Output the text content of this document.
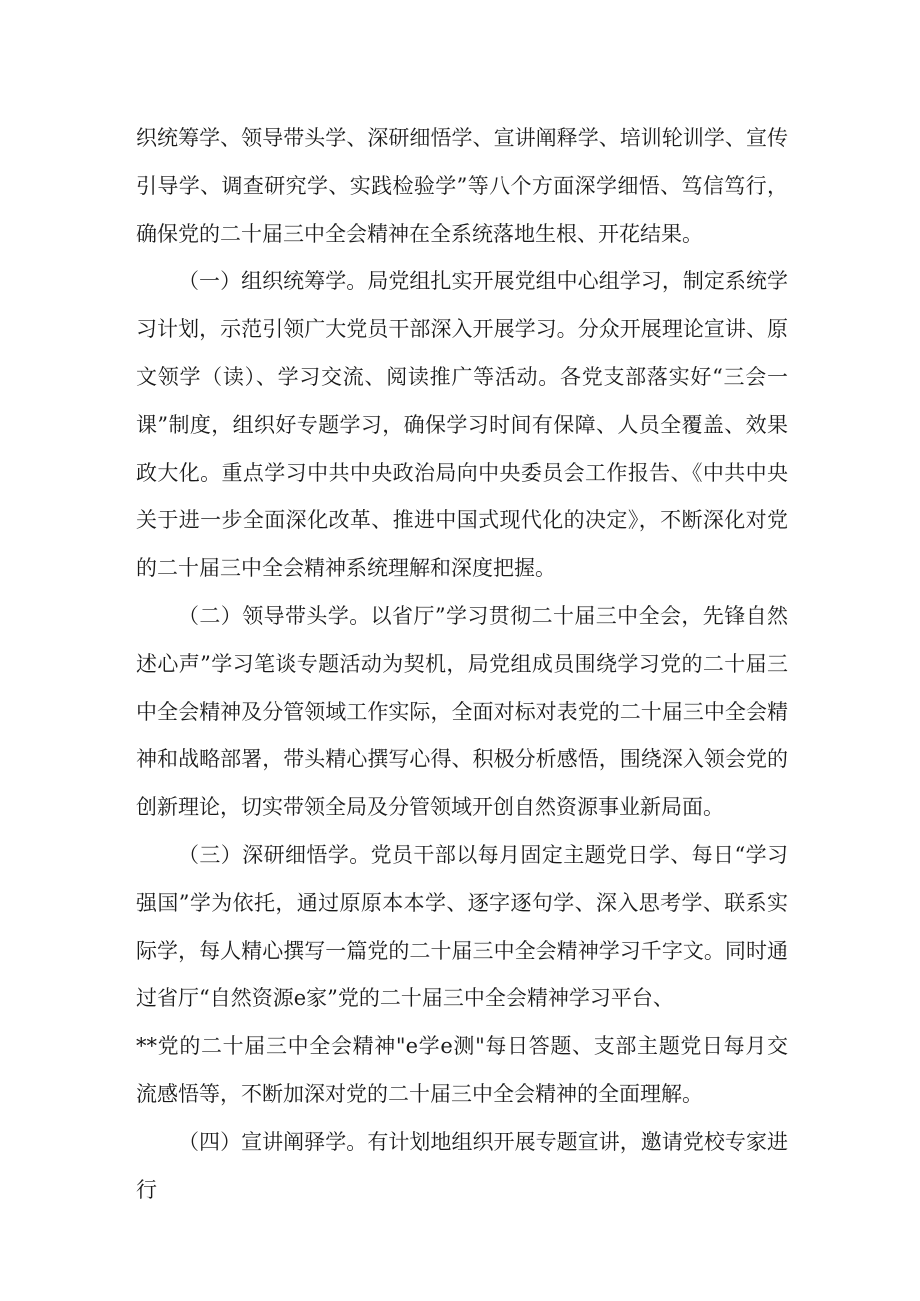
织统筹学、领导带头学、深研细悟学、宣讲阐释学、培训轮训学、宣传引导学、调查研究学、实践检验学”等八个方面深学细悟、笃信笃行，确保党的二十届三中全会精神在全系统落地生根、开花结果。

（一）组织统筹学。局党组扎实开展党组中心组学习，制定系统学习计划，示范引领广大党员干部深入开展学习。分众开展理论宣讲、原文领学（读）、学习交流、阅读推广等活动。各党支部落实好“三会一课”制度，组织好专题学习，确保学习时间有保障、人员全覆盖、效果政大化。重点学习中共中央政治局向中央委员会工作报告、《中共中央关于进一步全面深化改革、推进中国式现代化的决定》，不断深化对党的二十届三中全会精神系统理解和深度把握。

（二）领导带头学。以省厅”学习贯彻二十届三中全会，先锋自然述心声”学习笔谈专题活动为契机，局党组成员围绕学习党的二十届三中全会精神及分管领域工作实际，全面对标对表党的二十届三中全会精神和战略部署，带头精心撰写心得、积极分析感悟，围绕深入领会党的创新理论，切实带领全局及分管领域开创自然资源事业新局面。

（三）深研细悟学。党员干部以每月固定主题党日学、每日“学习强国”学为依托，通过原原本本学、逐字逐句学、深入思考学、联系实际学，每人精心撰写一篇党的二十届三中全会精神学习千字文。同时通过省厅“自然资源e家”党的二十届三中全会精神学习平台、

**党的二十届三中全会精神"e学e测"每日答题、支部主题党日每月交流感悟等，不断加深对党的二十届三中全会精神的全面理解。

（四）宣讲阐驿学。有计划地组织开展专题宣讲，邀请党校专家进行
